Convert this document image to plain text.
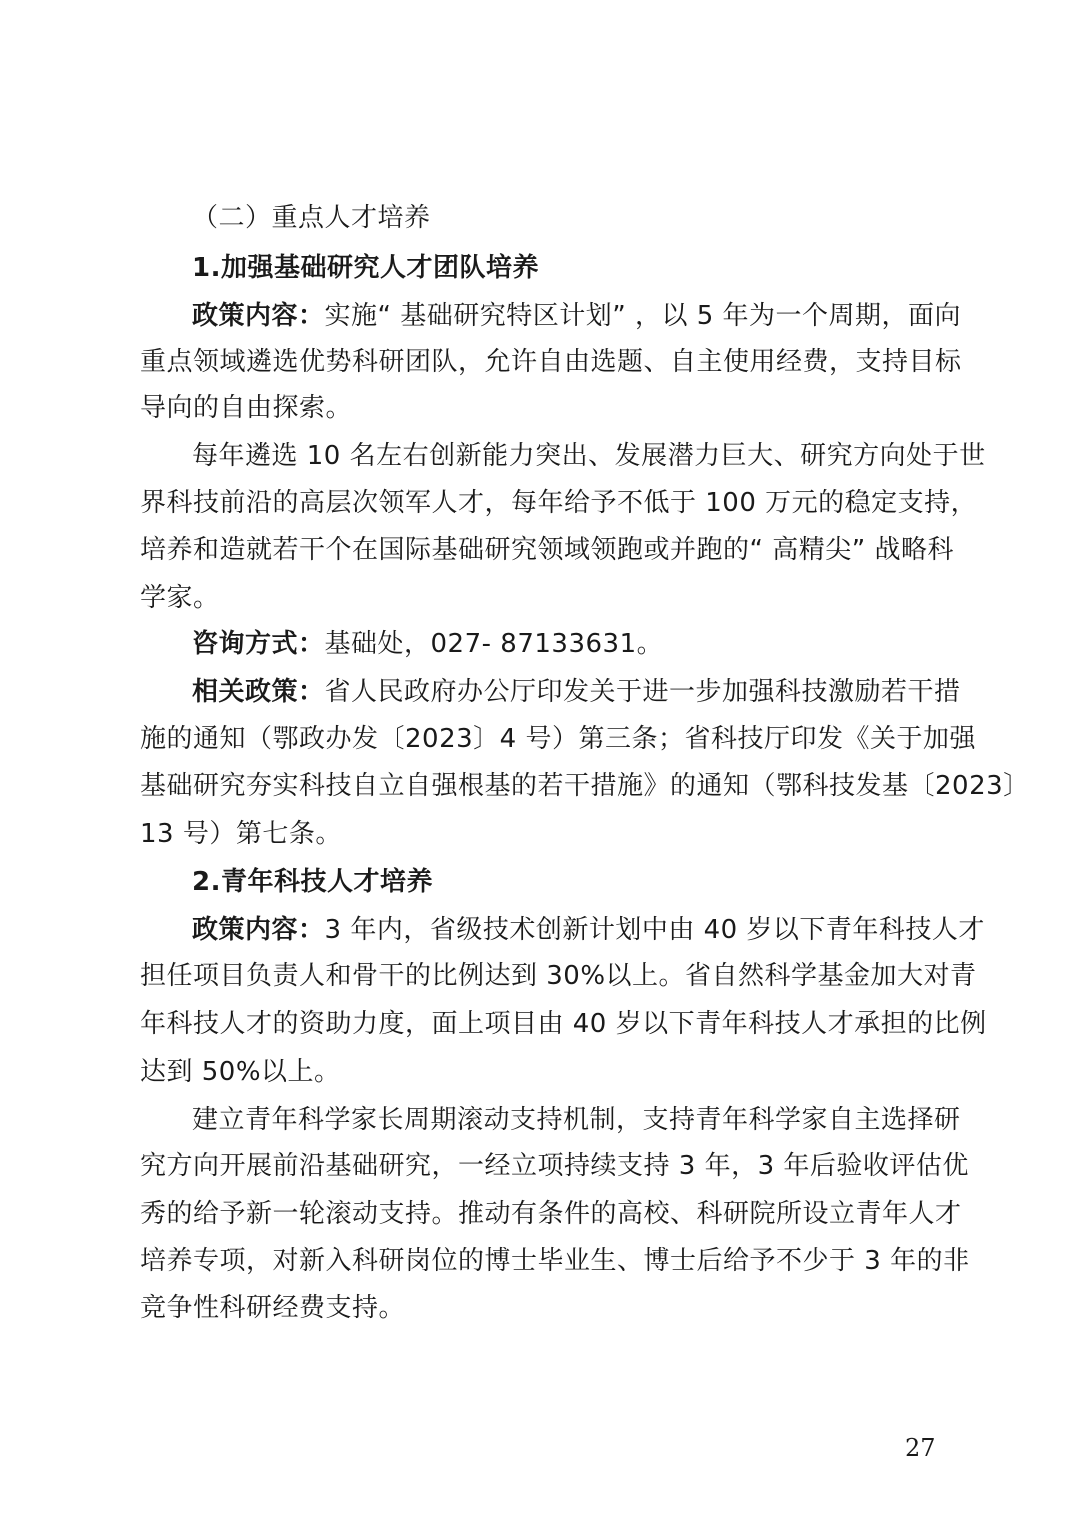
（二）重点人才培养
1.加强基础研究人才团队培养
政策内容：实施“ 基础研究特区计划” ，以 5 年为一个周期，面向
重点领域遴选优势科研团队，允许自由选题、自主使用经费，支持目标
导向的自由探索。
每年遴选 10 名左右创新能力突出、发展潜力巨大、研究方向处于世
界科技前沿的高层次领军人才，每年给予不低于 100 万元的稳定支持，
培养和造就若干个在国际基础研究领域领跑或并跑的“ 高精尖” 战略科
学家。
咨询方式：基础处，027- 87133631。
相关政策：省人民政府办公厅印发关于进一步加强科技激励若干措
施的通知（鄂政办发〔2023〕4 号）第三条；省科技厅印发《关于加强
基础研究夯实科技自立自强根基的若干措施》的通知（鄂科技发基〔2023〕
13 号）第七条。
2.青年科技人才培养
政策内容：3 年内，省级技术创新计划中由 40 岁以下青年科技人才
担任项目负责人和骨干的比例达到 30%以上。省自然科学基金加大对青
年科技人才的资助力度，面上项目由 40 岁以下青年科技人才承担的比例
达到 50%以上。
建立青年科学家长周期滚动支持机制，支持青年科学家自主选择研
究方向开展前沿基础研究，一经立项持续支持 3 年，3 年后验收评估优
秀的给予新一轮滚动支持。推动有条件的高校、科研院所设立青年人才
培养专项，对新入科研岗位的博士毕业生、博士后给予不少于 3 年的非
竞争性科研经费支持。
27
